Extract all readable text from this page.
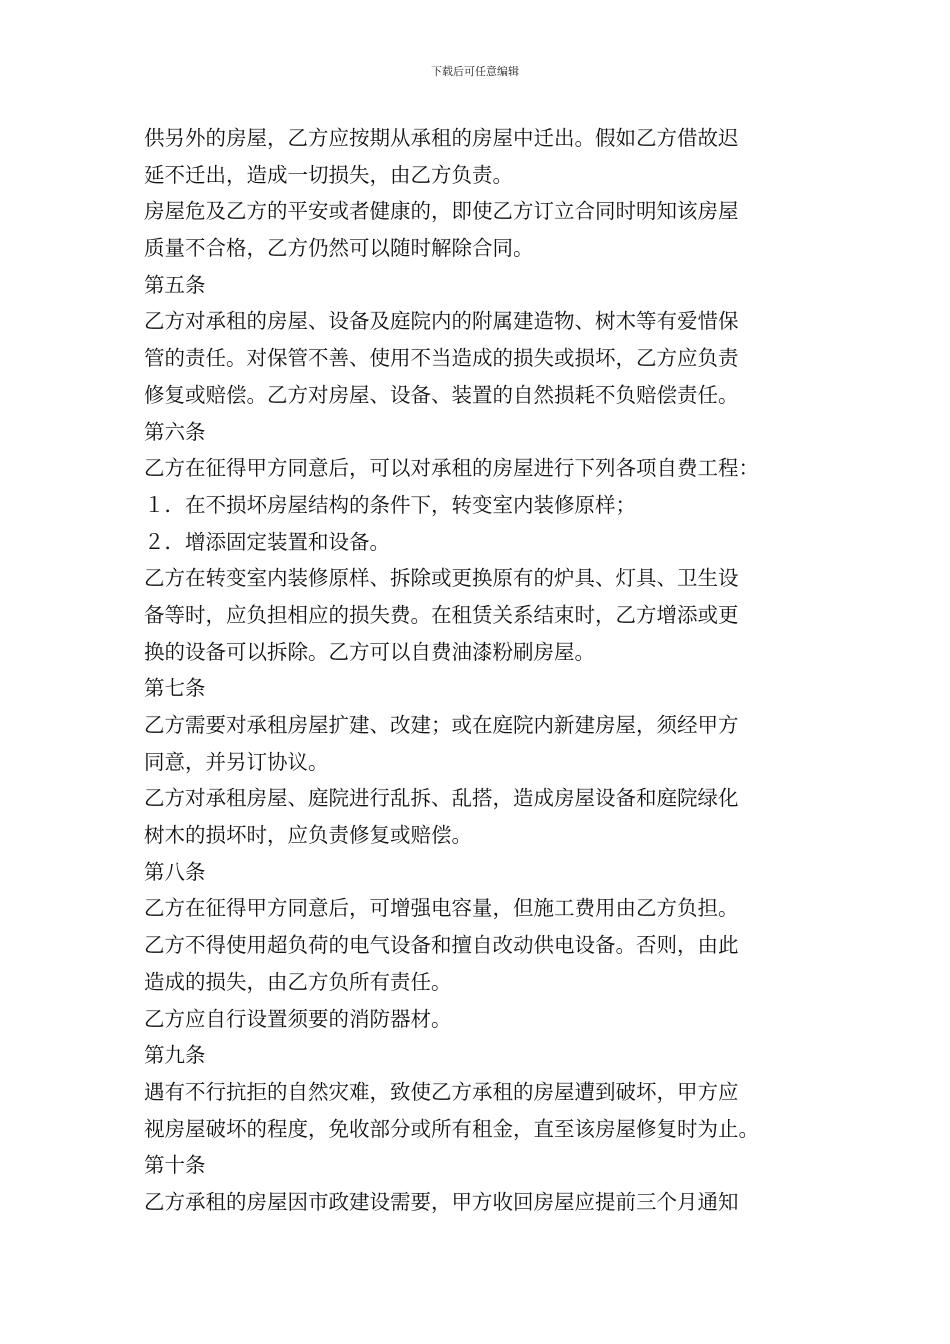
下载后可任意编辑
供另外的房屋，乙方应按期从承租的房屋中迁出。假如乙方借故迟
延不迁出，造成一切损失，由乙方负责。
房屋危及乙方的平安或者健康的，即使乙方订立合同时明知该房屋
质量不合格，乙方仍然可以随时解除合同。
第五条
乙方对承租的房屋、设备及庭院内的附属建造物、树木等有爱惜保
管的责任。对保管不善、使用不当造成的损失或损坏，乙方应负责
修复或赔偿。乙方对房屋、设备、装置的自然损耗不负赔偿责任。
第六条
乙方在征得甲方同意后，可以对承租的房屋进行下列各项自费工程：
１．在不损坏房屋结构的条件下，转变室内装修原样；
２．增添固定装置和设备。
乙方在转变室内装修原样、拆除或更换原有的炉具、灯具、卫生设
备等时，应负担相应的损失费。在租赁关系结束时，乙方增添或更
换的设备可以拆除。乙方可以自费油漆粉刷房屋。
第七条
乙方需要对承租房屋扩建、改建；或在庭院内新建房屋，须经甲方
同意，并另订协议。
乙方对承租房屋、庭院进行乱拆、乱搭，造成房屋设备和庭院绿化
树木的损坏时，应负责修复或赔偿。
第八条
乙方在征得甲方同意后，可增强电容量，但施工费用由乙方负担。
乙方不得使用超负荷的电气设备和擅自改动供电设备。否则，由此
造成的损失，由乙方负所有责任。
乙方应自行设置须要的消防器材。
第九条
遇有不行抗拒的自然灾难，致使乙方承租的房屋遭到破坏，甲方应
视房屋破坏的程度，免收部分或所有租金，直至该房屋修复时为止。
第十条
乙方承租的房屋因市政建设需要，甲方收回房屋应提前三个月通知
